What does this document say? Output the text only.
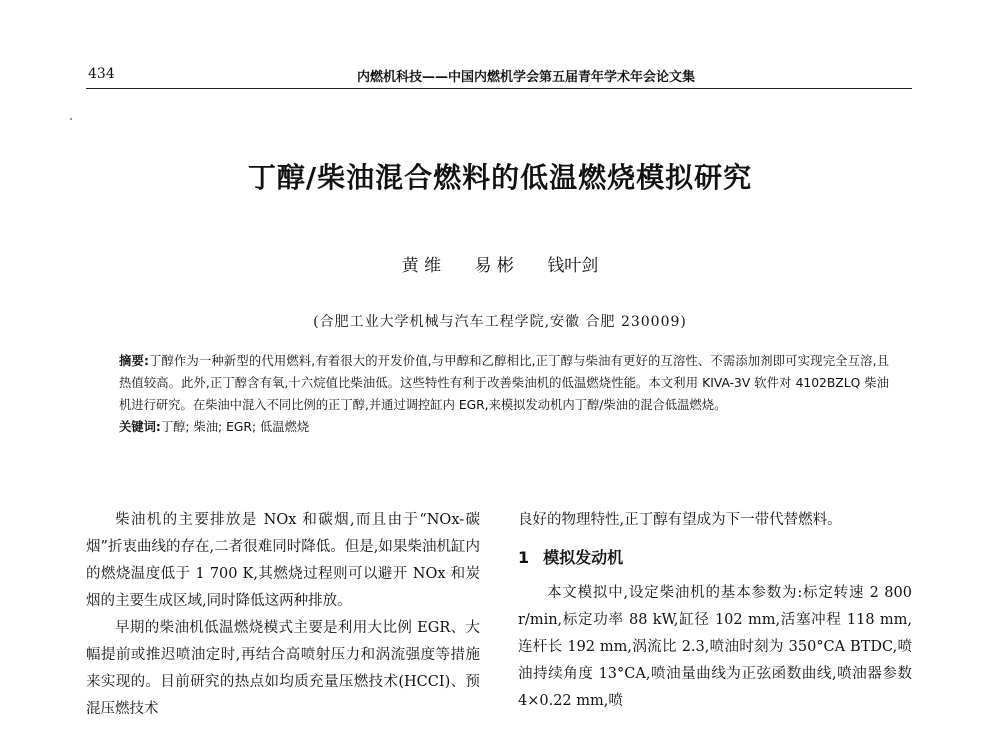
434	内燃机科技——中国内燃机学会第五届青年学术年会论文集
丁醇/柴油混合燃料的低温燃烧模拟研究
黄 维 易 彬 钱叶剑
(合肥工业大学机械与汽车工程学院,安徽 合肥 230009)
摘要:丁醇作为一种新型的代用燃料,有着很大的开发价值,与甲醇和乙醇相比,正丁醇与柴油有更好的互溶性、不需添加剂即可实现完全互溶,且热值较高。此外,正丁醇含有氧,十六烷值比柴油低。这些特性有利于改善柴油机的低温燃烧性能。本文利用 KIVA-3V 软件对 4102BZLQ 柴油机进行研究。在柴油中混入不同比例的正丁醇,并通过调控缸内 EGR,来模拟发动机内丁醇/柴油的混合低温燃烧。
关键词:丁醇; 柴油; EGR; 低温燃烧

柴油机的主要排放是 NOx 和碳烟,而且由于“NOx-碳烟”折衷曲线的存在,二者很难同时降低。但是,如果柴油机缸内的燃烧温度低于 1 700 K,其燃烧过程则可以避开 NOx 和炭烟的主要生成区域,同时降低这两种排放。

早期的柴油机低温燃烧模式主要是利用大比例 EGR、大幅提前或推迟喷油定时,再结合高喷射压力和涡流强度等措施来实现的。目前研究的热点如均质充量压燃技术(HCCI)、预混压燃技术

良好的物理特性,正丁醇有望成为下一带代替燃料。

1 模拟发动机

本文模拟中,设定柴油机的基本参数为:标定转速 2 800 r/min,标定功率 88 kW,缸径 102 mm,活塞冲程 118 mm,连杆长 192 mm,涡流比 2.3,喷油时刻为 350°CA BTDC,喷油持续角度 13°CA,喷油量曲线为正弦函数曲线,喷油器参数 4×0.22 mm,喷
